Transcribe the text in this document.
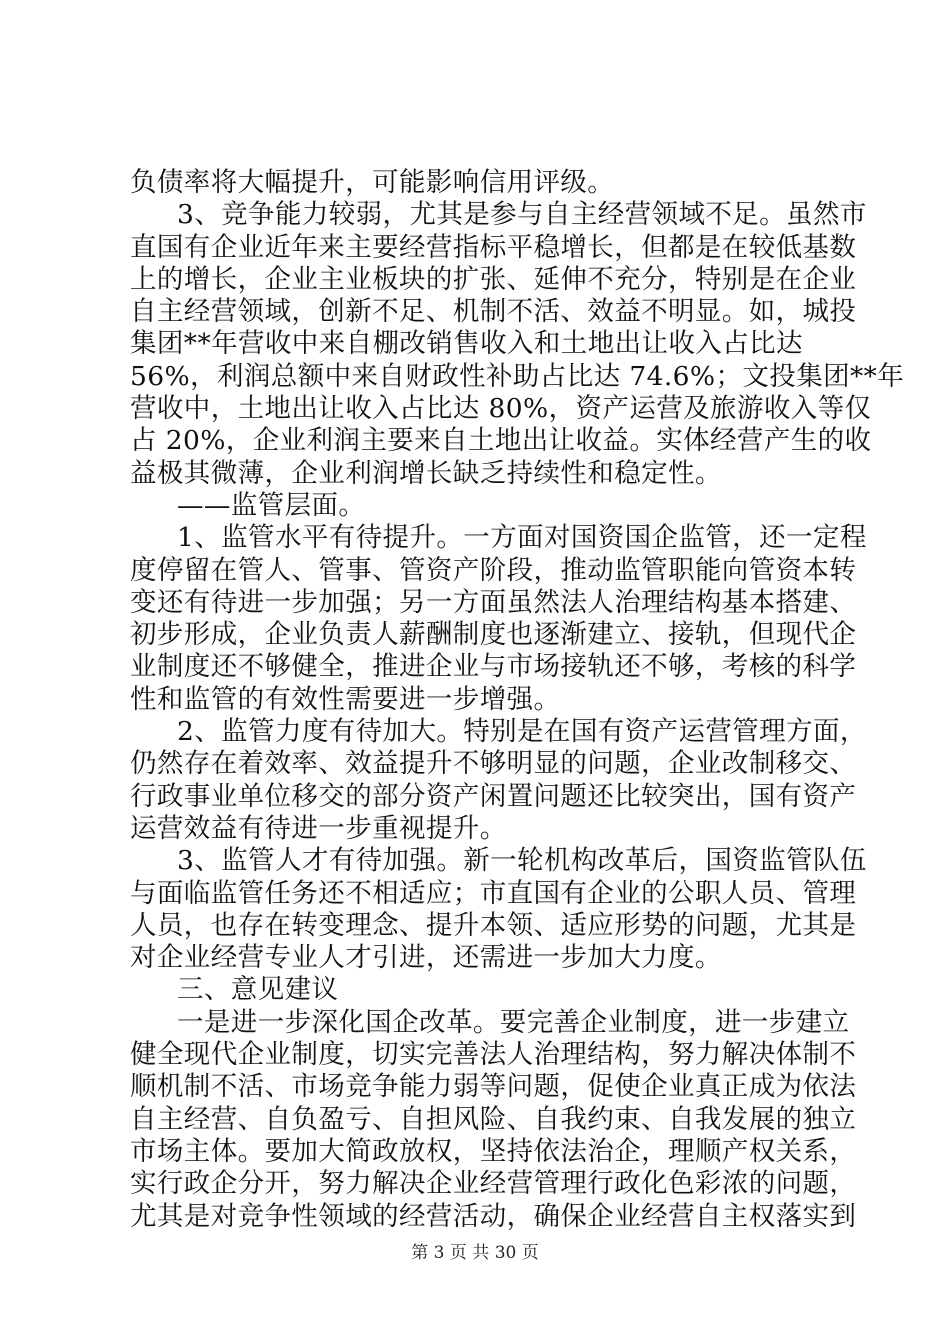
负债率将大幅提升，可能影响信用评级。
3、竞争能力较弱，尤其是参与自主经营领域不足。虽然市
直国有企业近年来主要经营指标平稳增长，但都是在较低基数
上的增长，企业主业板块的扩张、延伸不充分，特别是在企业
自主经营领域，创新不足、机制不活、效益不明显。如，城投
集团**年营收中来自棚改销售收入和土地出让收入占比达
56%，利润总额中来自财政性补助占比达 74.6%；文投集团**年
营收中，土地出让收入占比达 80%，资产运营及旅游收入等仅
占 20%，企业利润主要来自土地出让收益。实体经营产生的收
益极其微薄，企业利润增长缺乏持续性和稳定性。
——监管层面。
1、监管水平有待提升。一方面对国资国企监管，还一定程
度停留在管人、管事、管资产阶段，推动监管职能向管资本转
变还有待进一步加强；另一方面虽然法人治理结构基本搭建、
初步形成，企业负责人薪酬制度也逐渐建立、接轨，但现代企
业制度还不够健全，推进企业与市场接轨还不够，考核的科学
性和监管的有效性需要进一步增强。
2、监管力度有待加大。特别是在国有资产运营管理方面，
仍然存在着效率、效益提升不够明显的问题，企业改制移交、
行政事业单位移交的部分资产闲置问题还比较突出，国有资产
运营效益有待进一步重视提升。
3、监管人才有待加强。新一轮机构改革后，国资监管队伍
与面临监管任务还不相适应；市直国有企业的公职人员、管理
人员，也存在转变理念、提升本领、适应形势的问题，尤其是
对企业经营专业人才引进，还需进一步加大力度。
三、意见建议
一是进一步深化国企改革。要完善企业制度，进一步建立
健全现代企业制度，切实完善法人治理结构，努力解决体制不
顺机制不活、市场竞争能力弱等问题，促使企业真正成为依法
自主经营、自负盈亏、自担风险、自我约束、自我发展的独立
市场主体。要加大简政放权，坚持依法治企，理顺产权关系，
实行政企分开，努力解决企业经营管理行政化色彩浓的问题，
尤其是对竞争性领域的经营活动，确保企业经营自主权落实到
第 3 页 共 30 页
